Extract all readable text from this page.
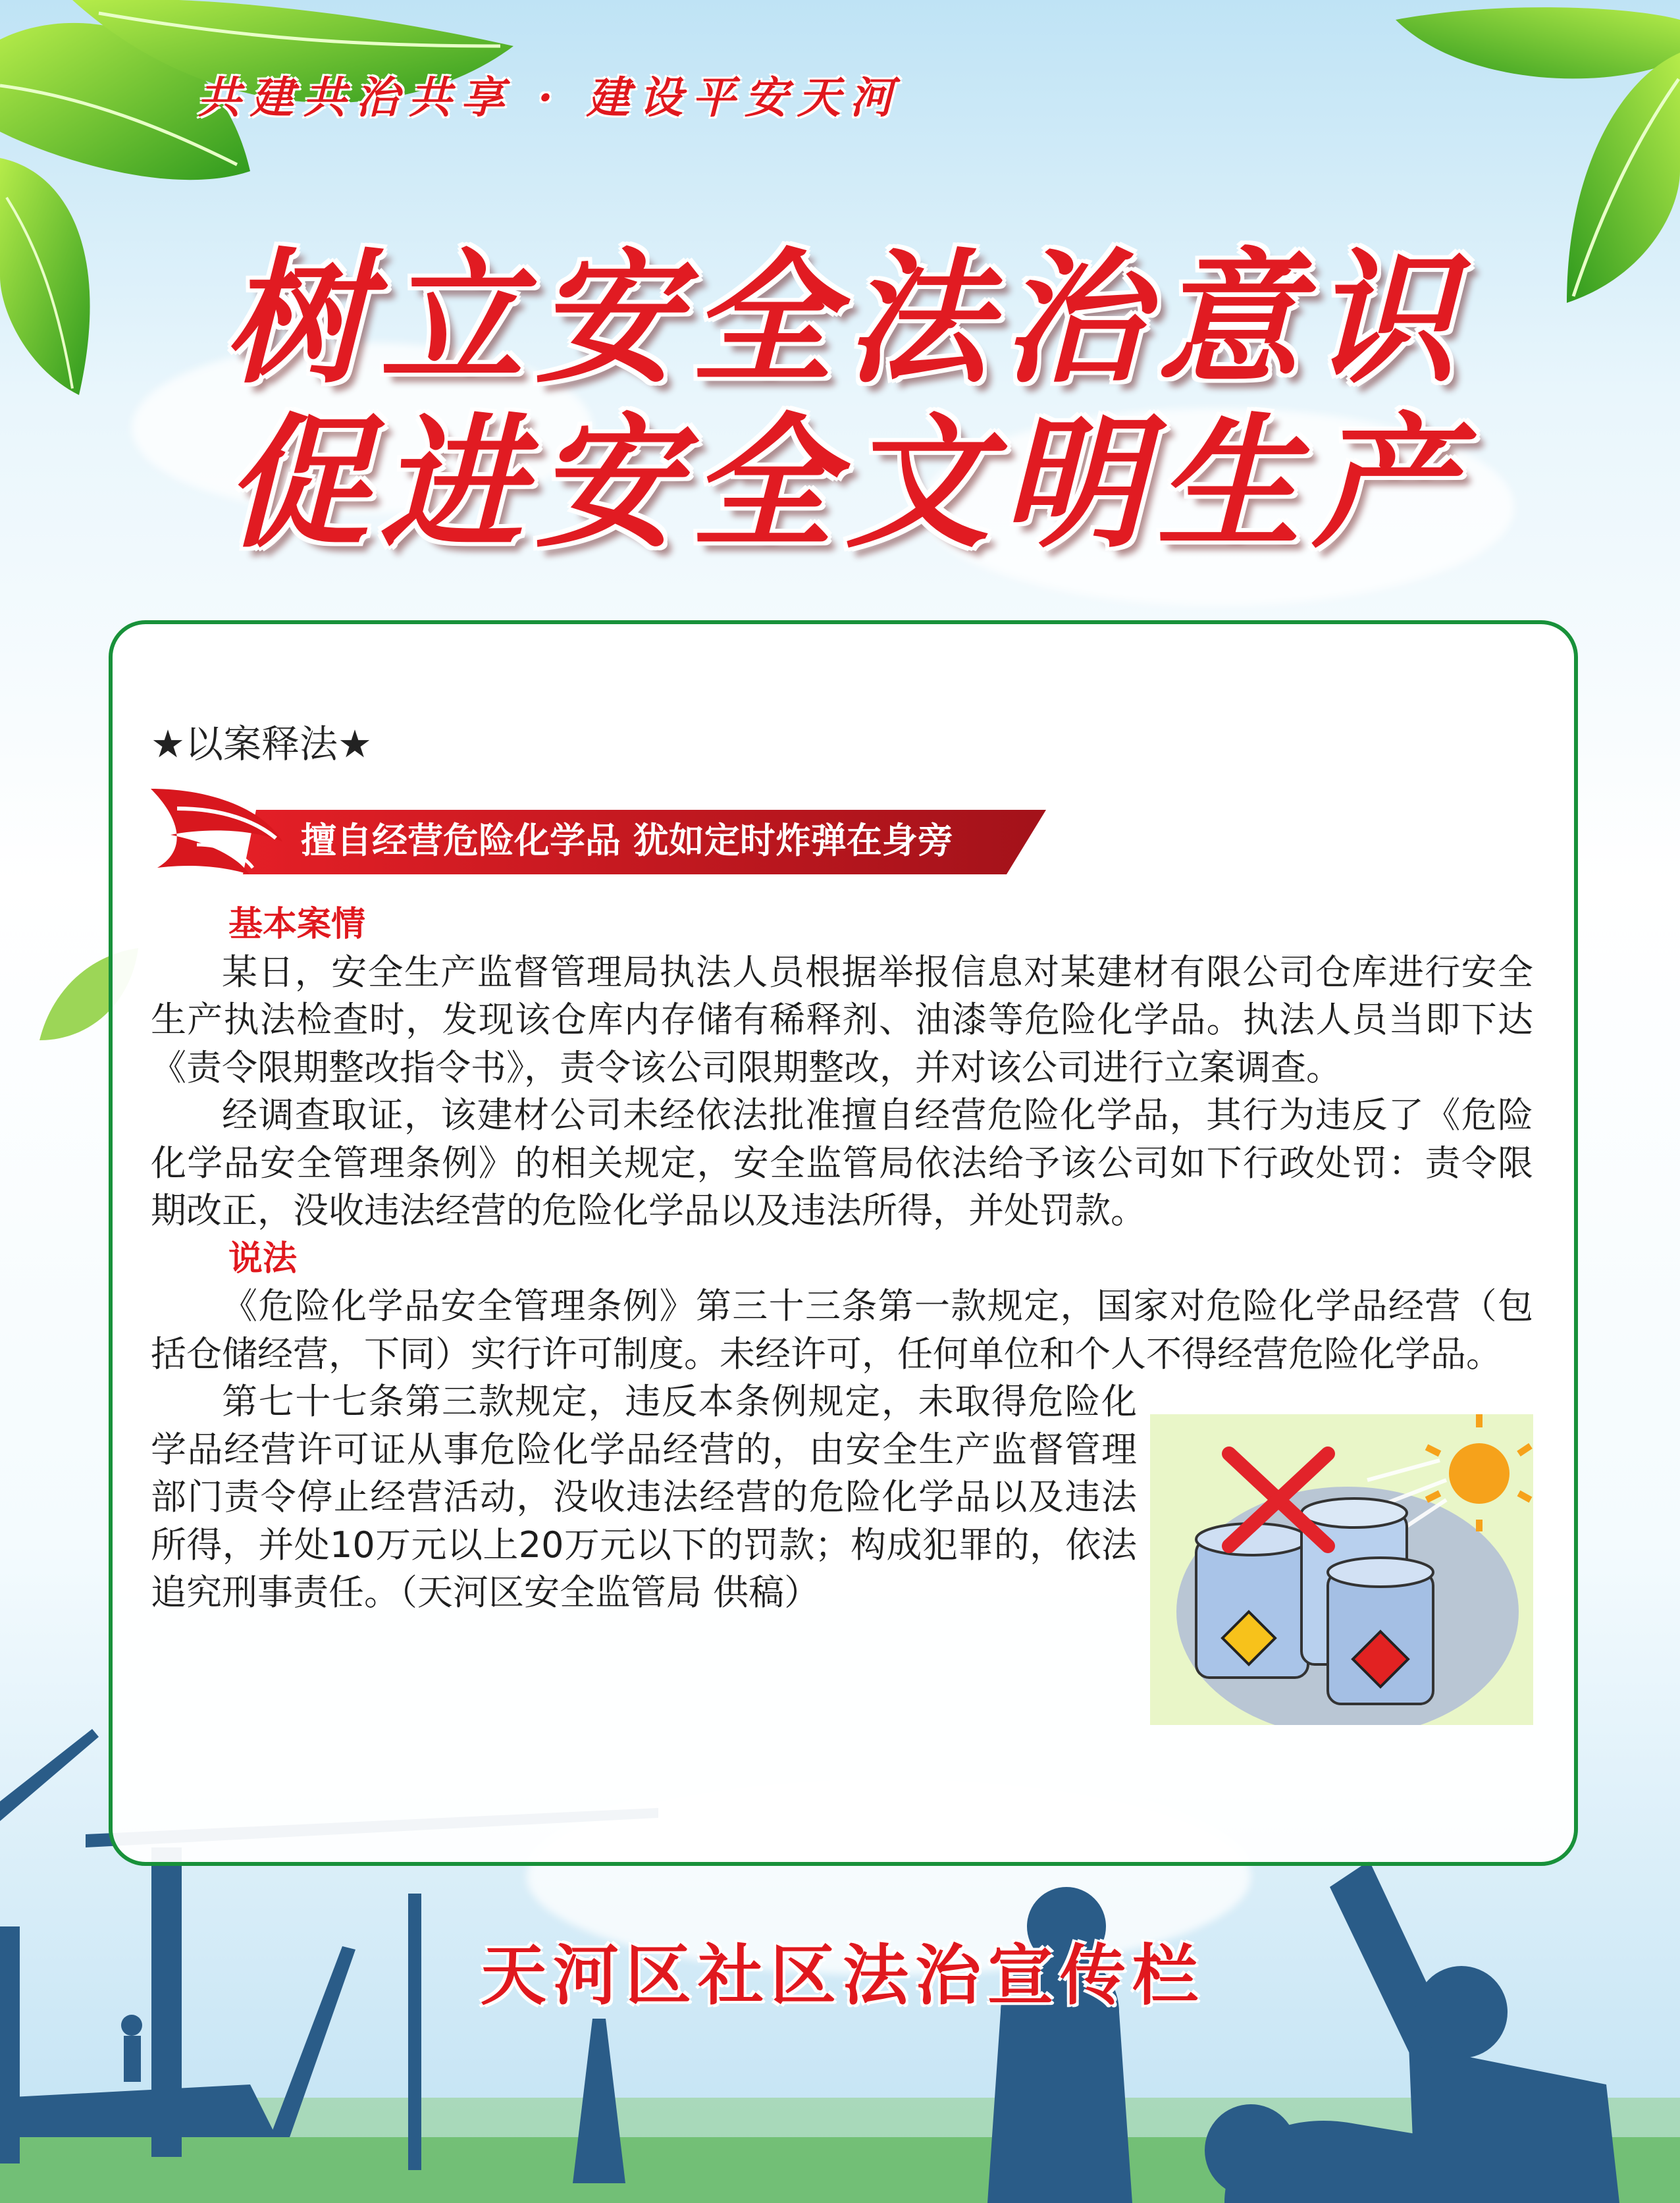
共建共治共享 · 建设平安天河
树立安全法治意识
促进安全文明生产
★以案释法★
擅自经营危险化学品 犹如定时炸弹在身旁
基本案情

某日，安全生产监督管理局执法人员根据举报信息对某建材有限公司仓库进行安全生产执法检查时，发现该仓库内存储有稀释剂、油漆等危险化学品。执法人员当即下达《责令限期整改指令书》，责令该公司限期整改，并对该公司进行立案调查。

经调查取证，该建材公司未经依法批准擅自经营危险化学品，其行为违反了《危险化学品安全管理条例》的相关规定，安全监管局依法给予该公司如下行政处罚：责令限期改正，没收违法经营的危险化学品以及违法所得，并处罚款。

说法

《危险化学品安全管理条例》第三十三条第一款规定，国家对危险化学品经营（包括仓储经营，下同）实行许可制度。未经许可，任何单位和个人不得经营危险化学品。

第七十七条第三款规定，违反本条例规定，未取得危险化学品经营许可证从事危险化学品经营的，由安全生产监督管理部门责令停止经营活动，没收违法经营的危险化学品以及违法所得，并处10万元以上20万元以下的罚款；构成犯罪的，依法追究刑事责任。（天河区安全监管局 供稿）

天河区社区法治宣传栏
